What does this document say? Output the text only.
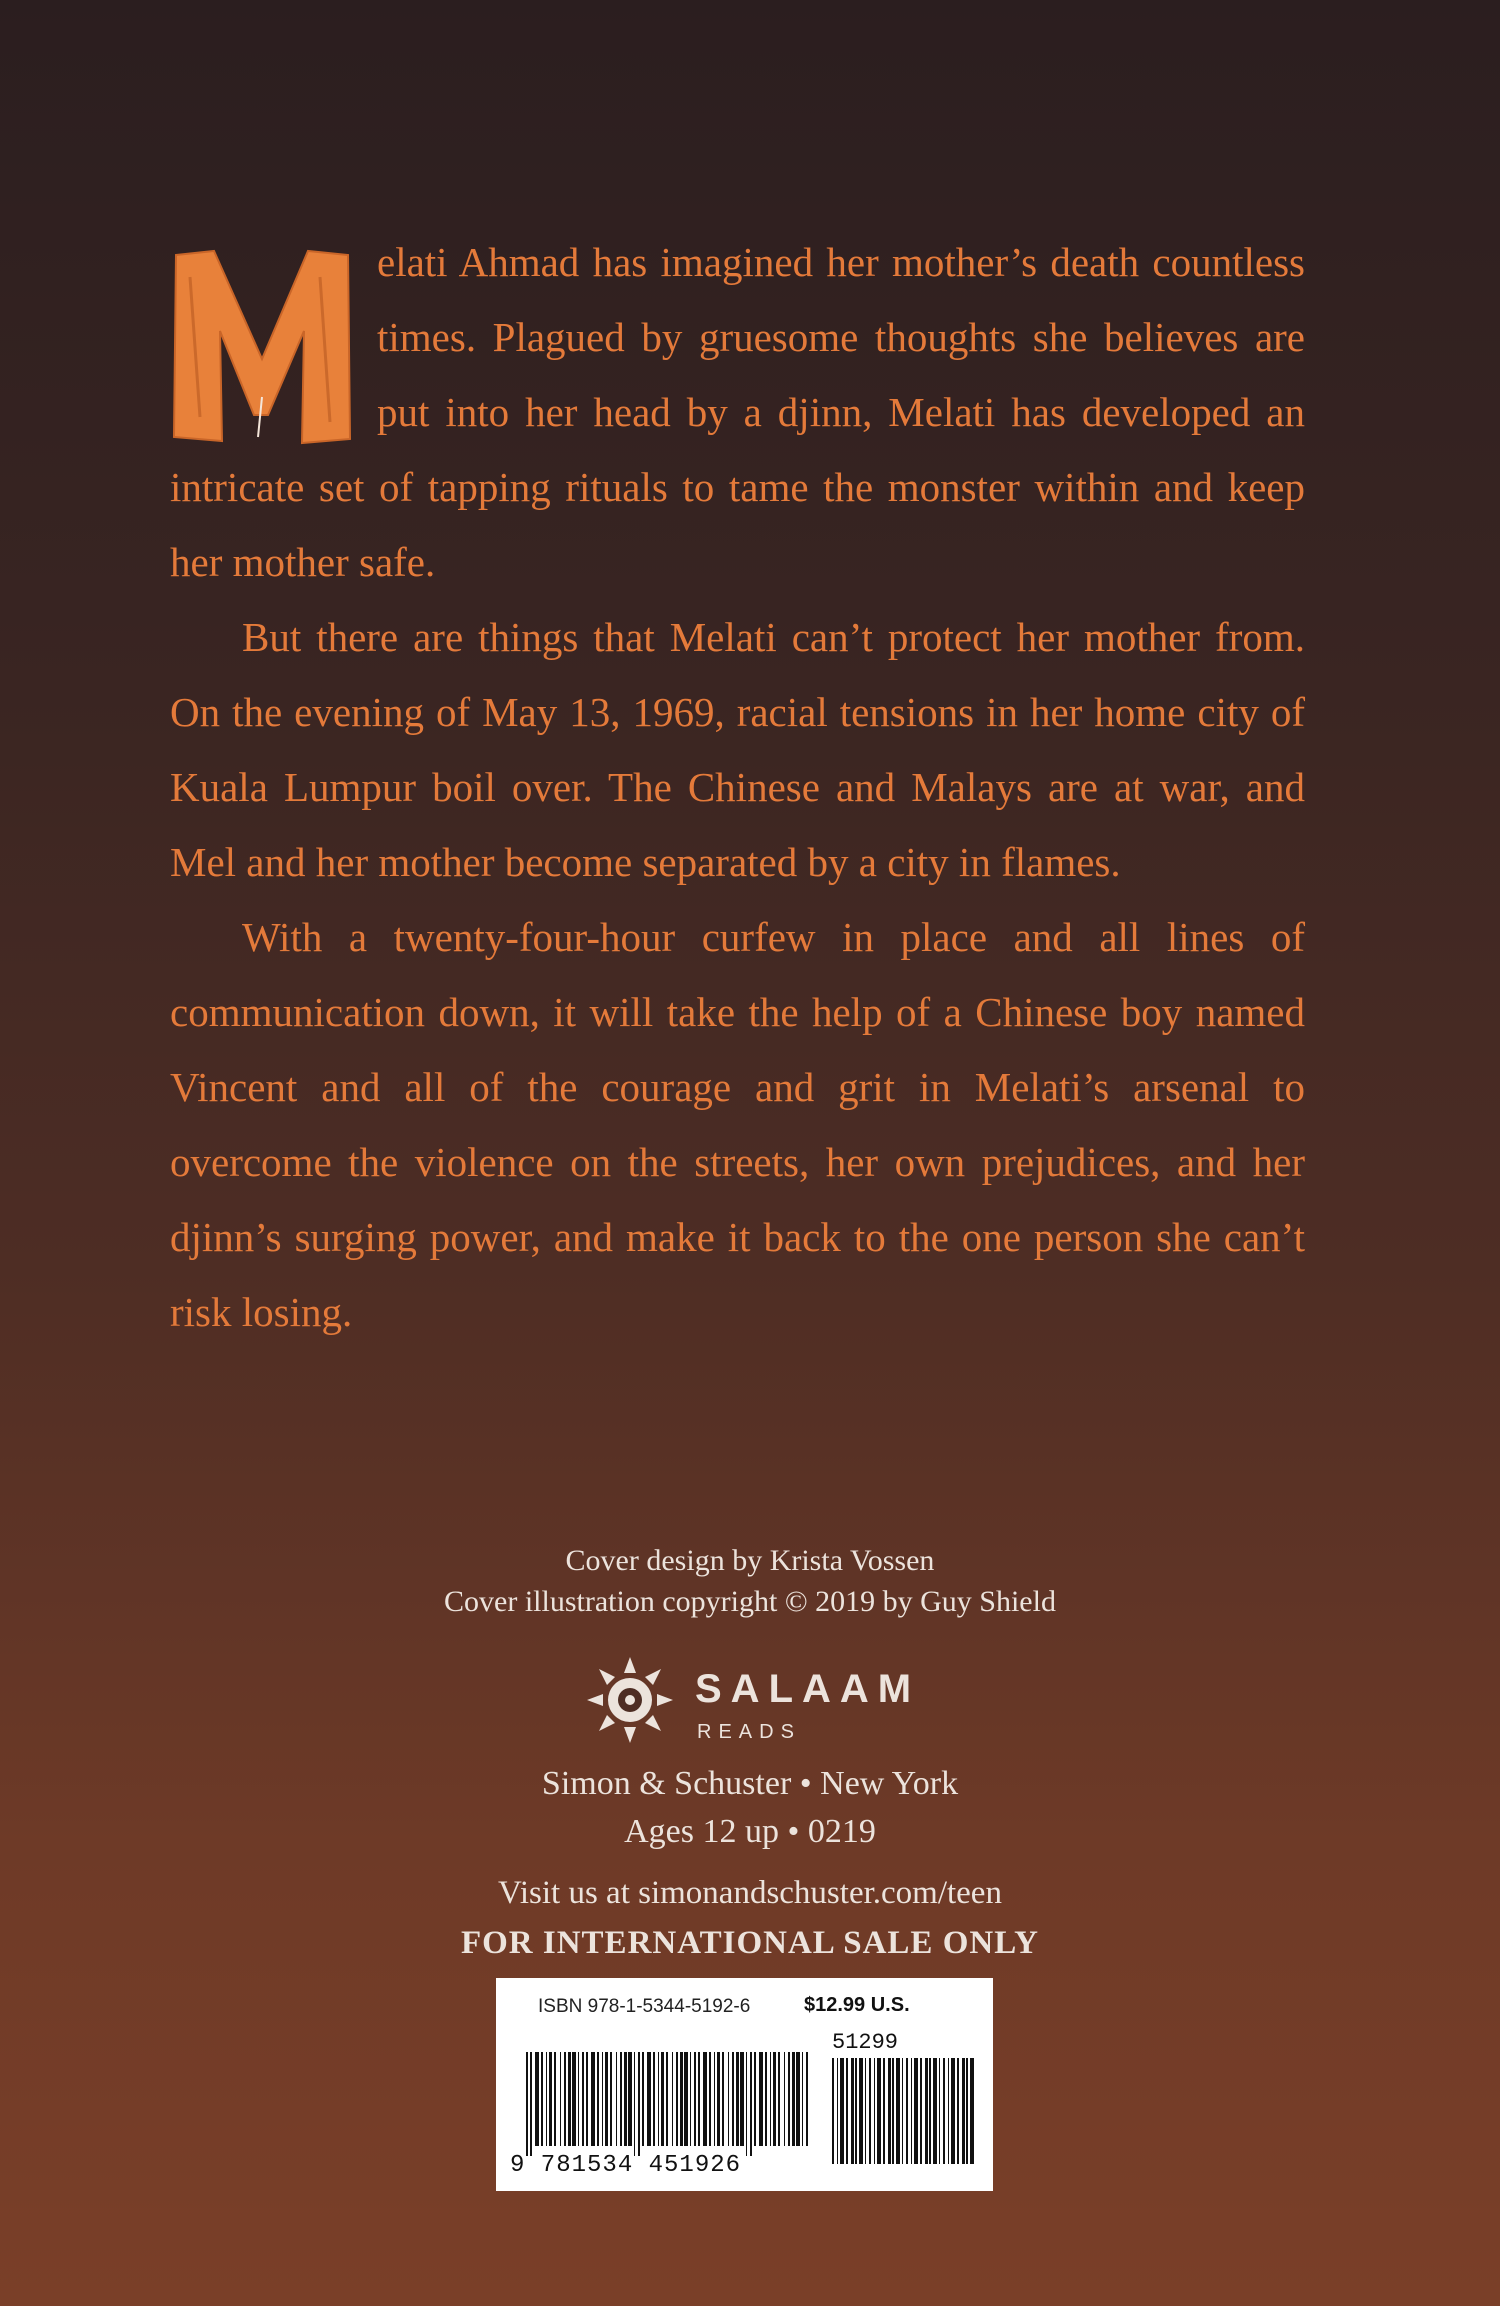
M	elati Ahmad has imagined her mother’s death countless times. Plagued by gruesome thoughts she believes are put into her head by a djinn, Melati has developed an intricate set of tapping rituals to tame the monster within and keep her mother safe.

But there are things that Melati can’t protect her mother from. On the evening of May 13, 1969, racial tensions in her home city of Kuala Lumpur boil over. The Chinese and Malays are at war, and Mel and her mother become separated by a city in flames.

With a twenty-four-hour curfew in place and all lines of communication down, it will take the help of a Chinese boy named Vincent and all of the courage and grit in Melati’s arsenal to overcome the violence on the streets, her own prejudices, and her djinn’s surging power, and make it back to the one person she can’t risk losing.

Cover design by Krista Vossen
Cover illustration copyright © 2019 by Guy Shield
SALAAM
READS
Simon & Schuster • New York
Ages 12 up • 0219
Visit us at simonandschuster.com/teen
FOR INTERNATIONAL SALE ONLY
ISBN 978-1-5344-5192-6	$12.99 U.S.
9 781534 451926
51299
